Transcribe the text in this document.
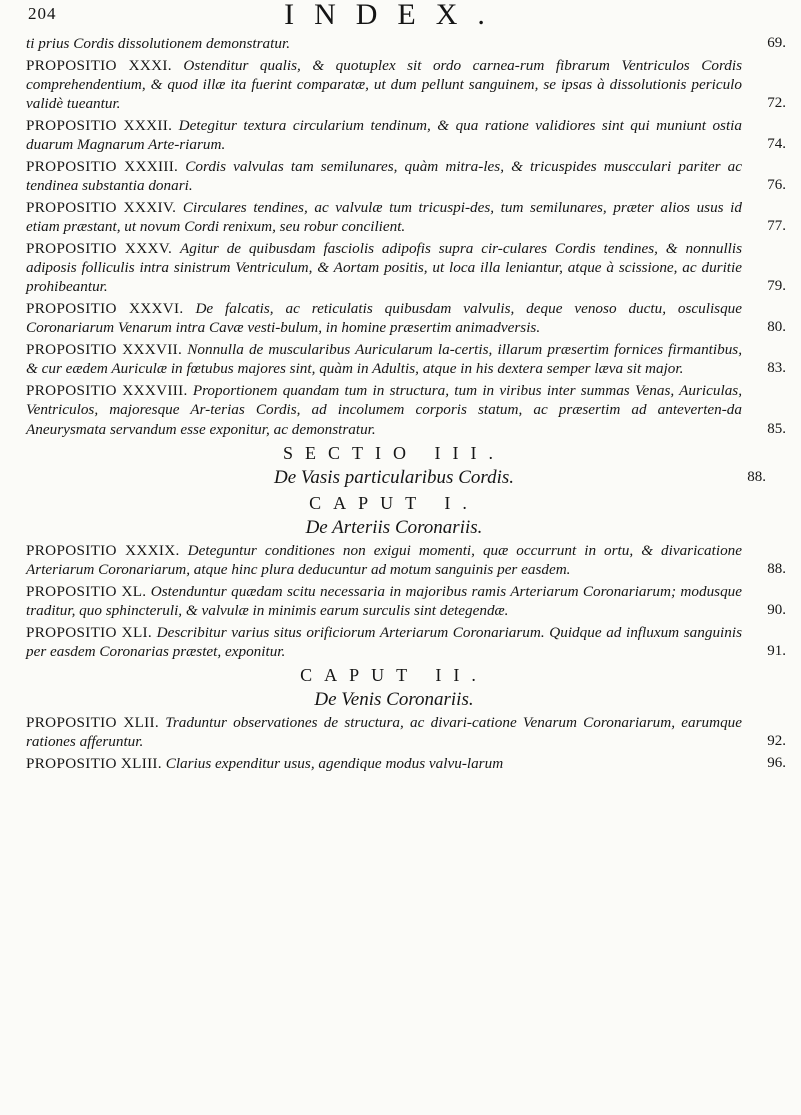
204	INDEX.
ti prius Cordis dissolutionem demonstratur.	69.
PROPOSITIO XXXI. Ostenditur qualis, & quotuplex sit ordo carnea-rum fibrarum Ventriculos Cordis comprehendentium, & quod illæ ita fuerint comparatæ, ut dum pellunt sanguinem, se ipsas à dissolutionis periculo validè tueantur.	72.
PROPOSITIO XXXII. Detegitur textura circularium tendinum, & qua ratione validiores sint qui muniunt ostia duarum Magnarum Arte-riarum.	74.
PROPOSITIO XXXIII. Cordis valvulas tam semilunares, quàm mitra-les, & tricuspides muscculari pariter ac tendinea substantia donari.	76.
PROPOSITIO XXXIV. Circulares tendines, ac valvulæ tum tricuspi-des, tum semilunares, præter alios usus id etiam præstant, ut novum Cordi renixum, seu robur concilient.	77.
PROPOSITIO XXXV. Agitur de quibusdam fasciolis adipofis supra cir-culares Cordis tendines, & nonnullis adiposis folliculis intra sinistrum Ventriculum, & Aortam positis, ut loca illa leniantur, atque à scissione, ac duritie prohibeantur.	79.
PROPOSITIO XXXVI. De falcatis, ac reticulatis quibusdam valvulis, deque venoso ductu, osculisque Coronariarum Venarum intra Cavæ vesti-bulum, in homine præsertim animadversis.	80.
PROPOSITIO XXXVII. Nonnulla de muscularibus Auricularum la-certis, illarum præsertim fornices firmantibus, & cur eædem Auriculæ in fœtubus majores sint, quàm in Adultis, atque in his dextera semper læva sit major.	83.
PROPOSITIO XXXVIII. Proportionem quandam tum in structura, tum in viribus inter summas Venas, Auriculas, Ventriculos, majoresque Ar-terias Cordis, ad incolumem corporis statum, ac præsertim ad anteverten-da Aneurysmata servandum esse exponitur, ac demonstratur.	85.
SECTIO III.
De Vasis particularibus Cordis.	88.
CAPUT I.
De Arteriis Coronariis.
PROPOSITIO XXXIX. Deteguntur conditiones non exigui momenti, quæ occurrunt in ortu, & divaricatione Arteriarum Coronariarum, atque hinc plura deducuntur ad motum sanguinis per easdem.	88.
PROPOSITIO XL. Ostenduntur quædam scitu necessaria in majoribus ramis Arteriarum Coronariarum; modusque traditur, quo sphincteruli, & valvulæ in minimis earum surculis sint detegendæ.	90.
PROPOSITIO XLI. Describitur varius situs orificiorum Arteriarum Coronariarum. Quidque ad influxum sanguinis per easdem Coronarias præstet, exponitur.	91.
CAPUT II.
De Venis Coronariis.
PROPOSITIO XLII. Traduntur observationes de structura, ac divari-catione Venarum Coronariarum, earumque rationes afferuntur.	92.
PROPOSITIO XLIII. Clarius expenditur usus, agendique modus valvu-larum	96.
